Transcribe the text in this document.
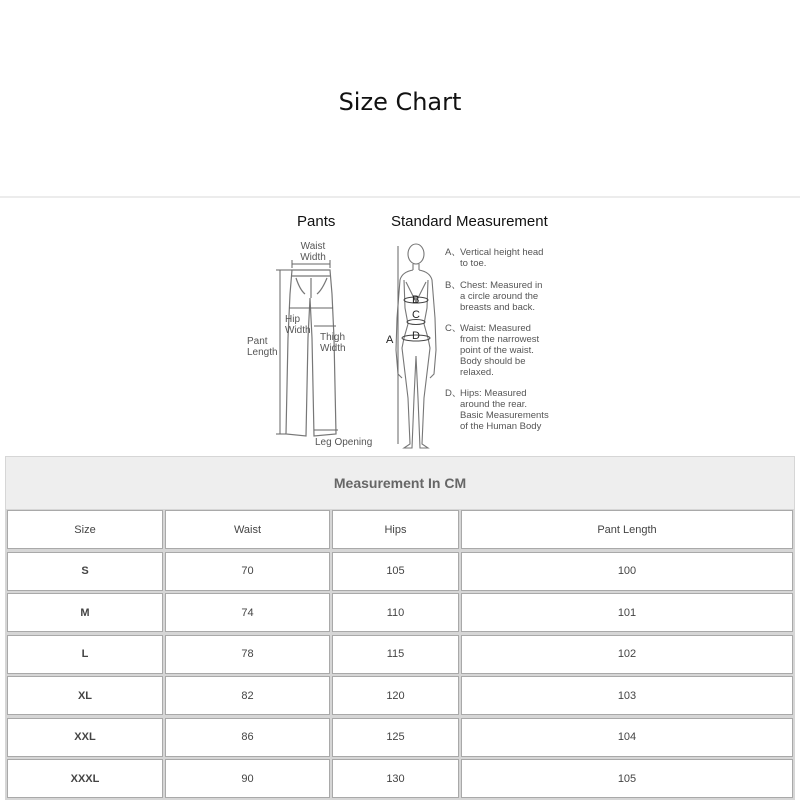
Size Chart
Pants	Standard Measurement
Waist
Width
Hip
Width
Thigh
Width
Pant
Length
Leg Opening
A
B
C
D
A、 Vertical height head
to toe.
B、 Chest: Measured in
a circle around the
breasts and back.
C、
Waist: Measured
from the narrowest
point of the waist.
Body should be
relaxed.
D、
Hips: Measured
around the rear.
Basic Measurements
of the Human Body
Measurement In CM
Size	Waist	Hips	Pant Length
S	70	105	100
M	74	110	101
L	78	115	102
XL	82	120	103
XXL	86	125	104
XXXL	90	130	105
